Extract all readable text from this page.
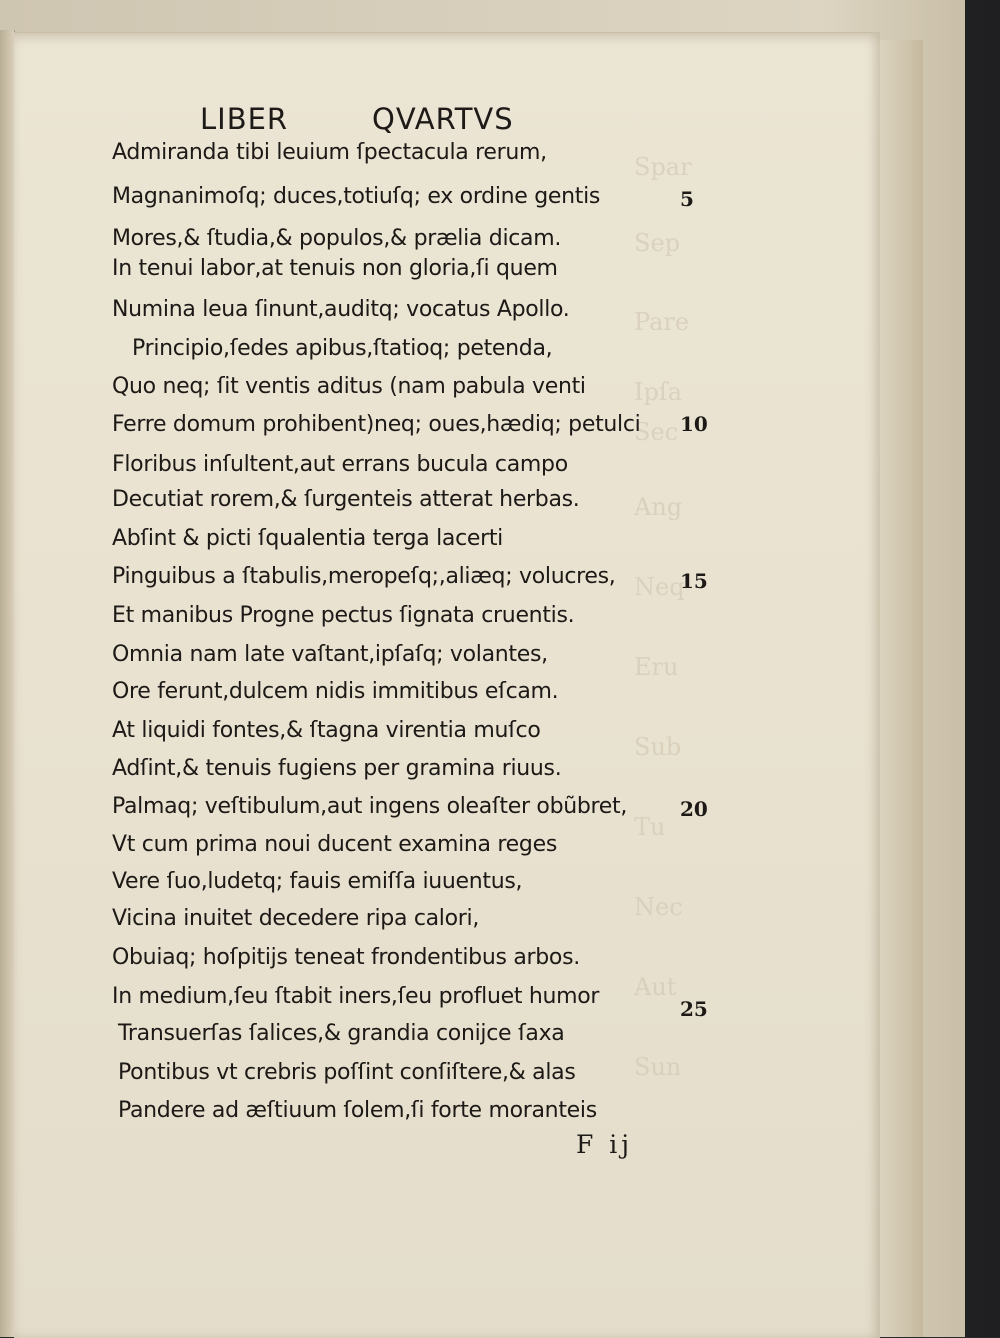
Spar
Sep
Pare
Ipſa
Sec
Ang
Neq
Eru
Sub
Tu
Nec
Aut
Sun
LIBER	QVARTVS
Admiranda tibi leuium ſpectacula rerum,
Magnanimoſq; duces,totiuſq; ex ordine gentis
Mores,& ſtudia,& populos,& prælia dicam.
In tenui labor,at tenuis non gloria,ſi quem
Numina leua ſinunt,auditq; vocatus Apollo.
Principio,ſedes apibus,ſtatioq; petenda,
Quo neq; ſit ventis aditus (nam pabula venti
Ferre domum prohibent)neq; oues,hædiq; petulci
Floribus inſultent,aut errans bucula campo
Decutiat rorem,& ſurgenteis atterat herbas.
Abſint & picti ſqualentia terga lacerti
Pinguibus a ſtabulis,meropeſq;,aliæq; volucres,
Et manibus Progne pectus ſignata cruentis.
Omnia nam late vaſtant,ipſaſq; volantes,
Ore ferunt,dulcem nidis immitibus eſcam.
At liquidi fontes,& ſtagna virentia muſco
Adſint,& tenuis fugiens per gramina riuus.
Palmaq; veſtibulum,aut ingens oleaſter obũbret,
Vt cum prima noui ducent examina reges
Vere ſuo,ludetq; fauis emiſſa iuuentus,
Vicina inuitet decedere ripa calori,
Obuiaq; hoſpitijs teneat frondentibus arbos.
In medium,ſeu ſtabit iners,ſeu profluet humor
Transuerſas ſalices,& grandia conijce ſaxa
Pontibus vt crebris poſſint conſiſtere,& alas
Pandere ad æſtiuum ſolem,ſi forte moranteis
5
10
15
20
25
F ij
